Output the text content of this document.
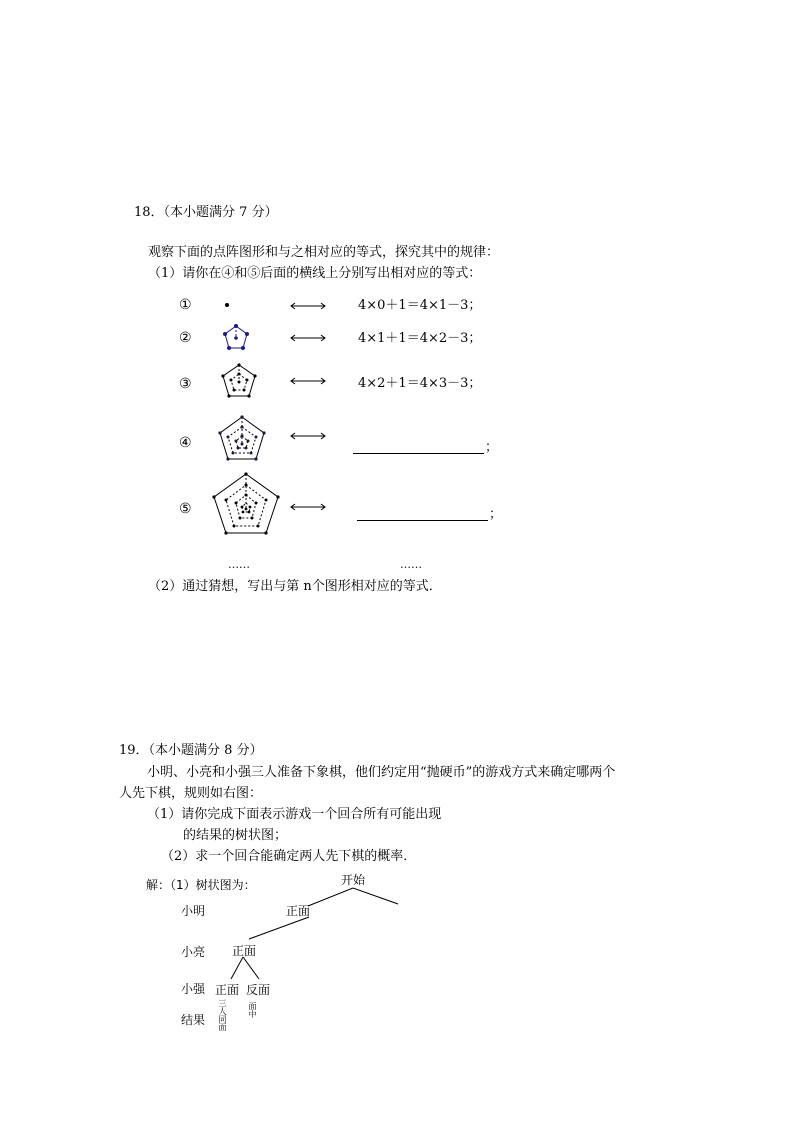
18．（本小题满分 7 分）
观察下面的点阵图形和与之相对应的等式，探究其中的规律：
（1）请你在④和⑤后面的横线上分别写出相对应的等式：
①	4×0＋1＝4×1－3；
②	4×1＋1＝4×2－3；
③	4×2＋1＝4×3－3；
④	；
⑤	；
……	……
（2）通过猜想，写出与第 n个图形相对应的等式．
19．（本小题满分 8 分）
小明、小亮和小强三人准备下象棋，他们约定用“抛硬币”的游戏方式来确定哪两个
人先下棋，规则如右图：
（1）请你完成下面表示游戏一个回合所有可能出现
的结果的树状图；
（2）求一个回合能确定两人先下棋的概率．
解：（1）树状图为：	开始
小明	正面
小亮 正面
小强 正面 反面
结果
三
人
同
面
面
中
